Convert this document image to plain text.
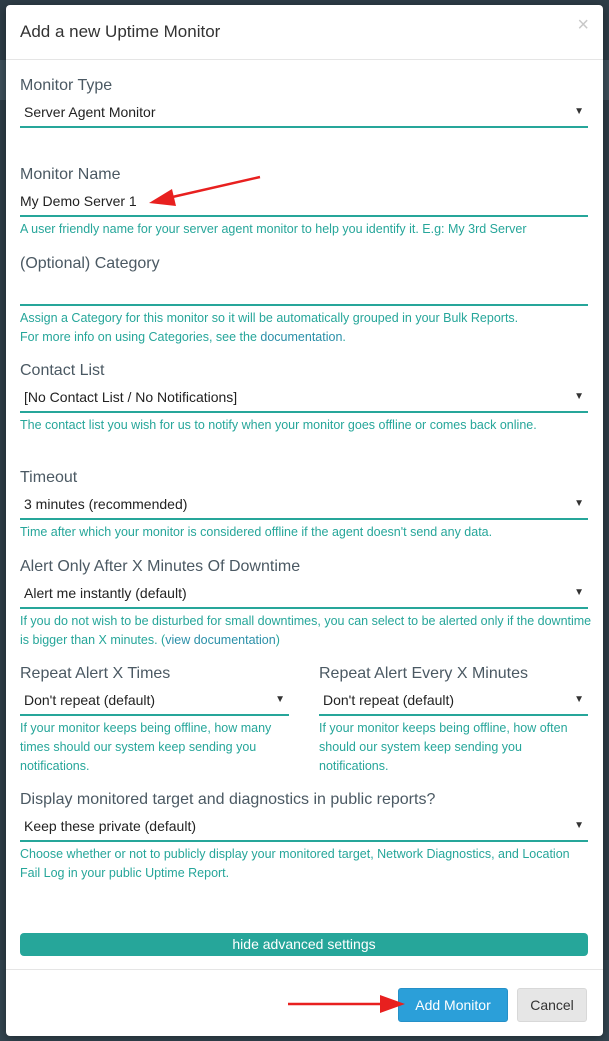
Add a new Uptime Monitor	×
Monitor Type
Server Agent Monitor	▼
Monitor Name
My Demo Server 1

A user friendly name for your server agent monitor to help you identify it. E.g: My 3rd Server

(Optional) Category

Assign a Category for this monitor so it will be automatically grouped in your Bulk Reports.
For more info on using Categories, see the documentation.

Contact List
[No Contact List / No Notifications]	▼

The contact list you wish for us to notify when your monitor goes offline or comes back online.

Timeout
3 minutes (recommended)	▼

Time after which your monitor is considered offline if the agent doesn't send any data.

Alert Only After X Minutes Of Downtime
Alert me instantly (default)	▼

If you do not wish to be disturbed for small downtimes, you can select to be alerted only if the downtime is bigger than X minutes. (view documentation)

Repeat Alert X Times
Don't repeat (default)	▼

If your monitor keeps being offline, how many times should our system keep sending you notifications.

Repeat Alert Every X Minutes
Don't repeat (default)	▼

If your monitor keeps being offline, how often should our system keep sending you notifications.

Display monitored target and diagnostics in public reports?
Keep these private (default)	▼

Choose whether or not to publicly display your monitored target, Network Diagnostics, and Location Fail Log in your public Uptime Report.

hide advanced settings
Add Monitor	Cancel
